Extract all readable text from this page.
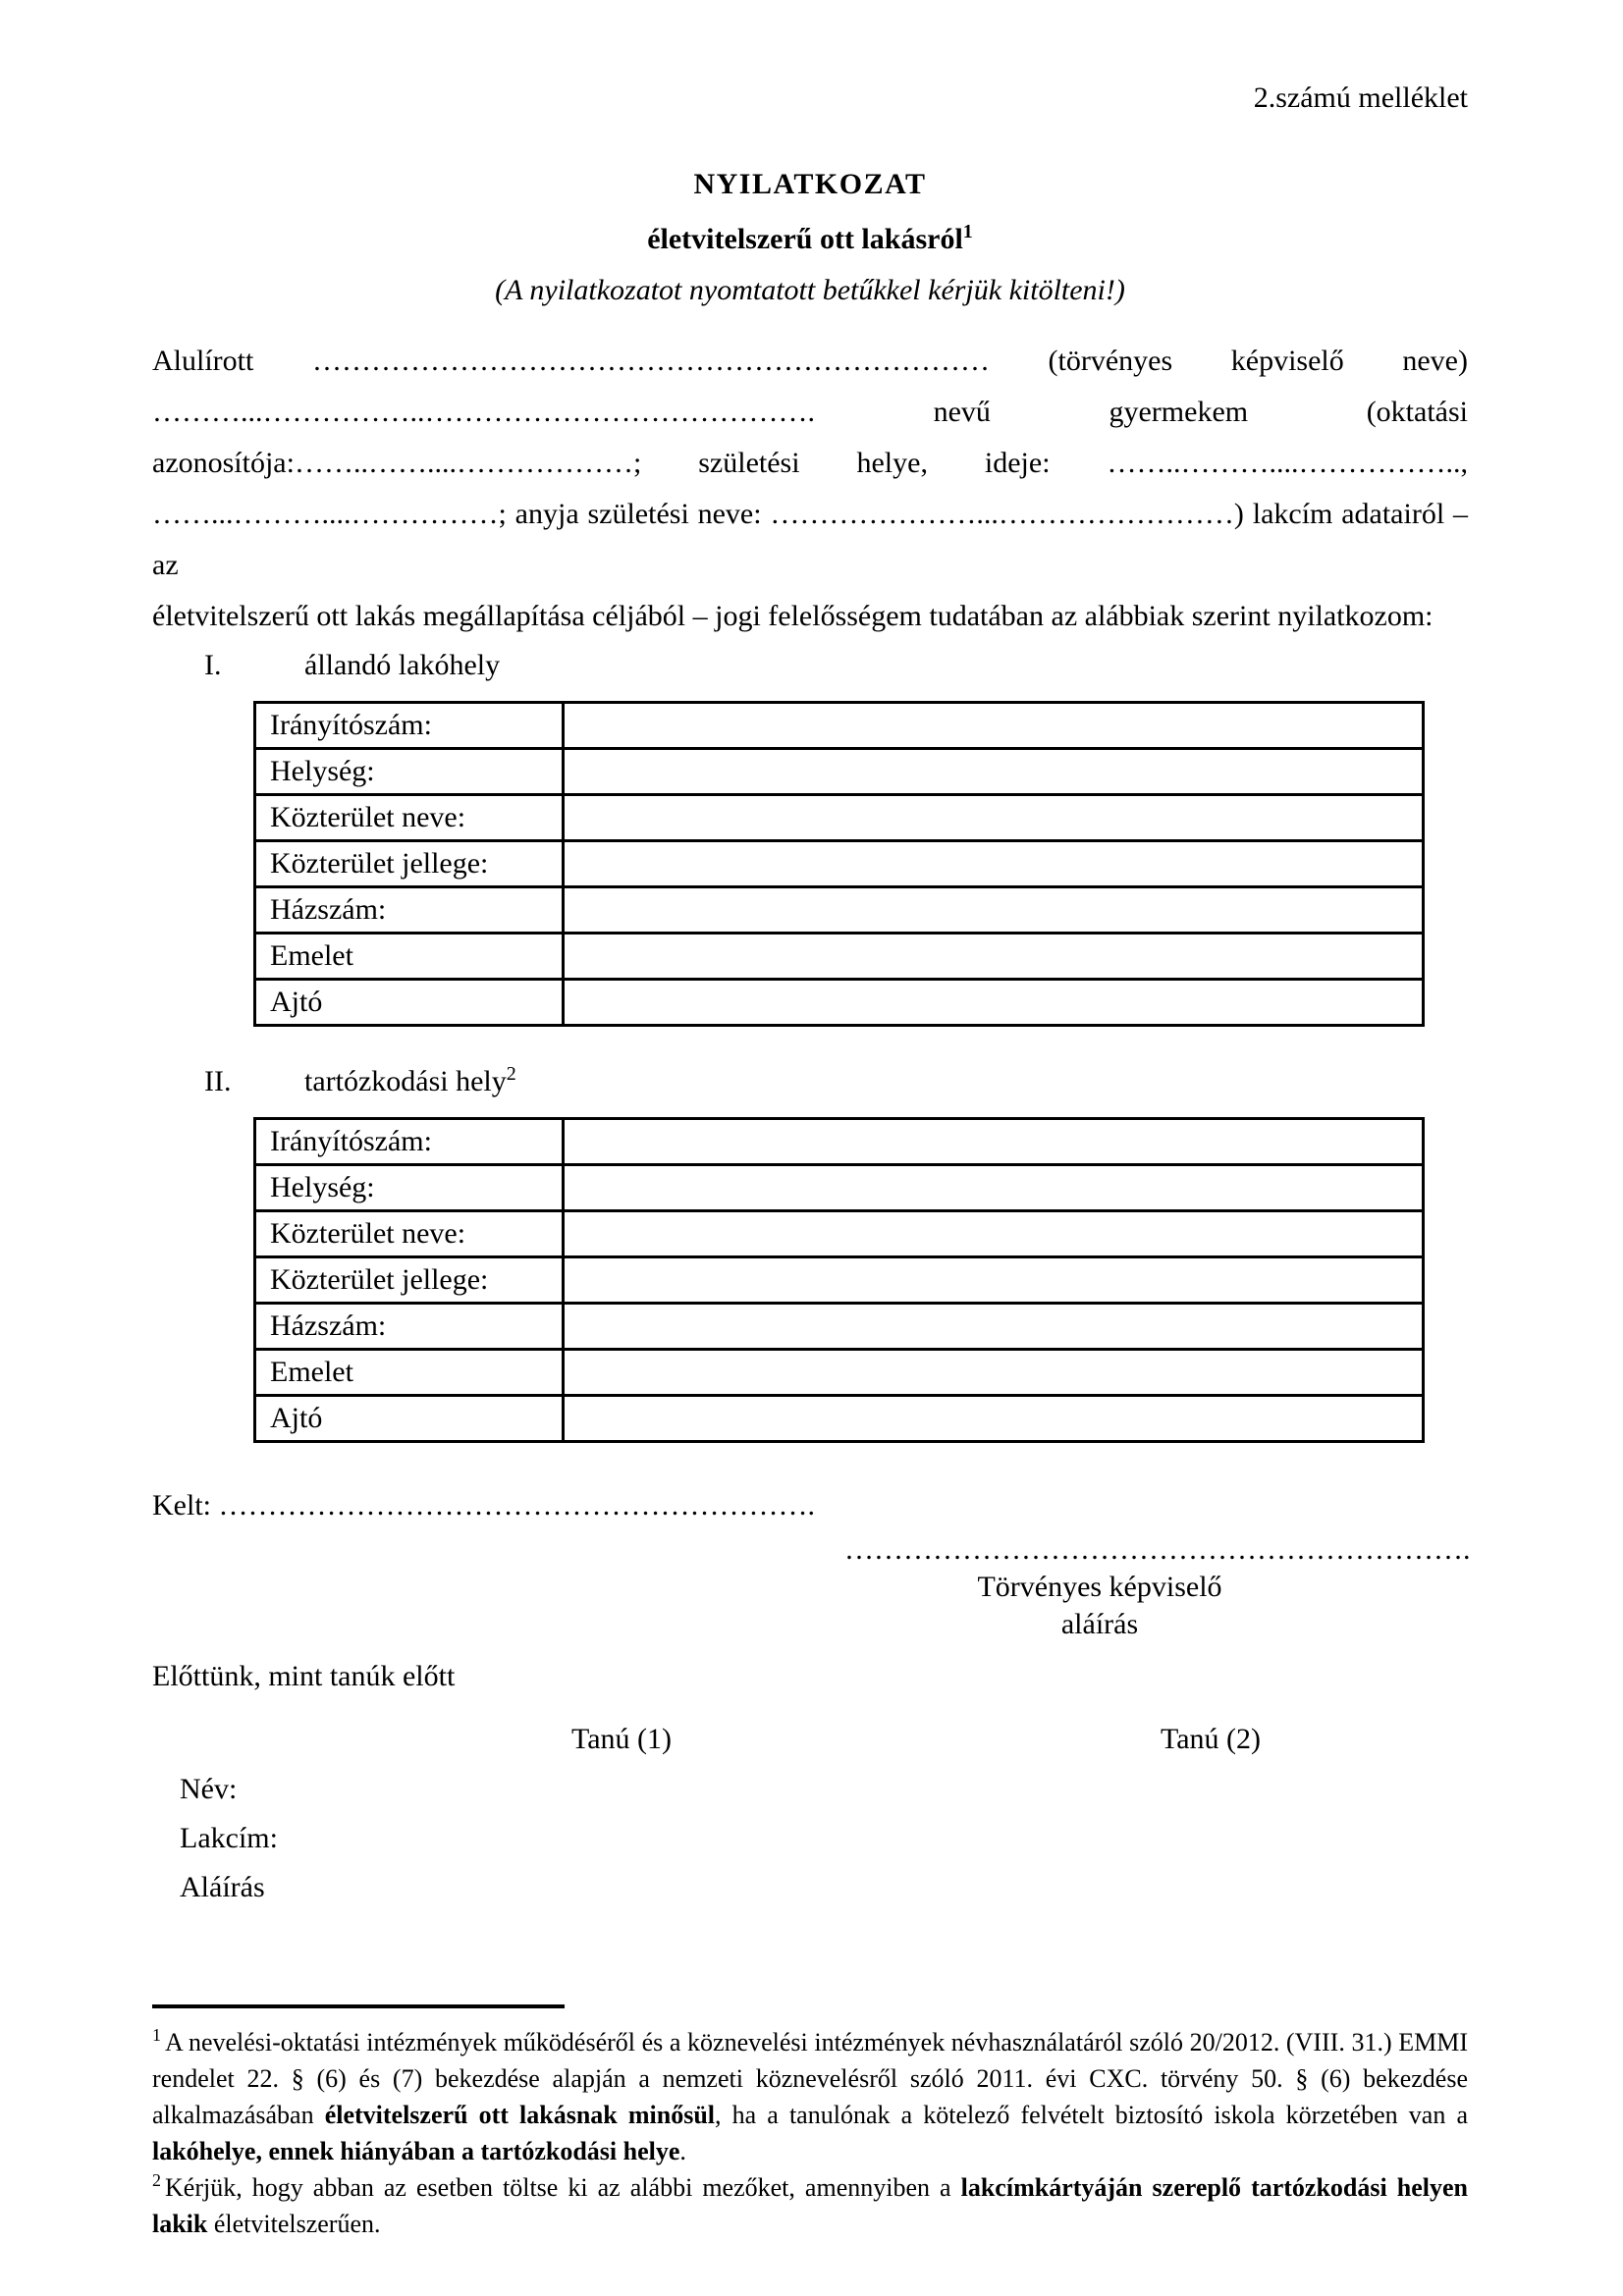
2.számú melléklet
NYILATKOZAT
életvitelszerű ott lakásról$^1$
(A nyilatkozatot nyomtatott betűkkel kérjük kitölteni!)
Alulírott …………………………………………………………… (törvényes képviselő neve)
………...……………..…………………………………. nevű gyermekem (oktatási
azonosítója:……..……....………………; születési helye, ideje: ……..………....……………..,
……...………....……………; anyja születési neve: …………………...……………………) lakcím adatairól – az
életvitelszerű ott lakás megállapítása céljából – jogi felelősségem tudatában az alábbiak szerint nyilatkozom:
I.	állandó lakóhely
Irányítószám:	
Helység:	
Közterület neve:	
Közterület jellege:	
Házszám:	
Emelet	
Ajtó	
II.	tartózkodási hely$^2$
Irányítószám:	
Helység:	
Közterület neve:	
Közterület jellege:	
Házszám:	
Emelet	
Ajtó	
Kelt: …………………………………………………….
……………………………………………………….
Törvényes képviselő
aláírás
Előttünk, mint tanúk előtt
Tanú (1)	Tanú (2)
Név:
Lakcím:
Aláírás
$^1$ A nevelési-oktatási intézmények működéséről és a köznevelési intézmények névhasználatáról szóló 20/2012. (VIII. 31.) EMMI rendelet 22. § (6) és (7) bekezdése alapján a nemzeti köznevelésről szóló 2011. évi CXC. törvény 50. § (6) bekezdése alkalmazásában életvitelszerű ott lakásnak minősül, ha a tanulónak a kötelező felvételt biztosító iskola körzetében van a lakóhelye, ennek hiányában a tartózkodási helye.
$^2$ Kérjük, hogy abban az esetben töltse ki az alábbi mezőket, amennyiben a lakcímkártyáján szereplő tartózkodási helyen lakik életvitelszerűen.
